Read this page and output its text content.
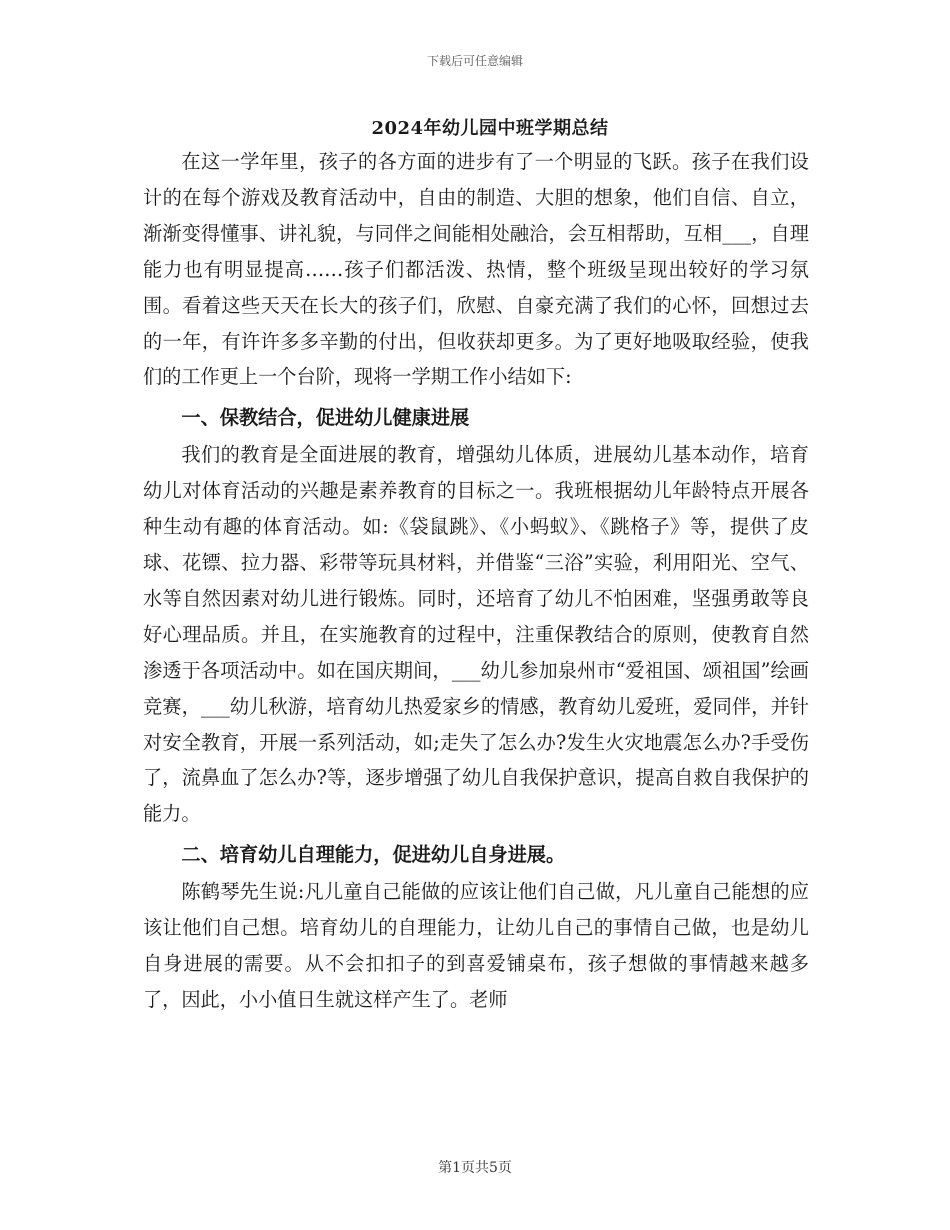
下载后可任意编辑
2024年幼儿园中班学期总结

在这一学年里，孩子的各方面的进步有了一个明显的飞跃。孩子在我们设计的在每个游戏及教育活动中，自由的制造、大胆的想象，他们自信、自立，渐渐变得懂事、讲礼貌，与同伴之间能相处融洽，会互相帮助，互相___，自理能力也有明显提高……孩子们都活泼、热情，整个班级呈现出较好的学习氛围。看着这些天天在长大的孩子们，欣慰、自豪充满了我们的心怀，回想过去的一年，有许许多多辛勤的付出，但收获却更多。为了更好地吸取经验，使我们的工作更上一个台阶，现将一学期工作小结如下:

一、保教结合，促进幼儿健康进展

我们的教育是全面进展的教育，增强幼儿体质，进展幼儿基本动作，培育幼儿对体育活动的兴趣是素养教育的目标之一。我班根据幼儿年龄特点开展各种生动有趣的体育活动。如:《袋鼠跳》、《小蚂蚁》、《跳格子》等，提供了皮球、花镖、拉力器、彩带等玩具材料，并借鉴“三浴”实验，利用阳光、空气、水等自然因素对幼儿进行锻炼。同时，还培育了幼儿不怕困难，坚强勇敢等良好心理品质。并且，在实施教育的过程中，注重保教结合的原则，使教育自然渗透于各项活动中。如在国庆期间，___幼儿参加泉州市“爱祖国、颂祖国”绘画竞赛，___幼儿秋游，培育幼儿热爱家乡的情感，教育幼儿爱班，爱同伴，并针对安全教育，开展一系列活动，如;走失了怎么办?发生火灾地震怎么办?手受伤了，流鼻血了怎么办?等，逐步增强了幼儿自我保护意识，提高自救自我保护的能力。

二、培育幼儿自理能力，促进幼儿自身进展。

陈鹤琴先生说:凡儿童自己能做的应该让他们自己做，凡儿童自己能想的应该让他们自己想。培育幼儿的自理能力，让幼儿自己的事情自己做，也是幼儿自身进展的需要。从不会扣扣子的到喜爱铺桌布，孩子想做的事情越来越多了，因此，小小值日生就这样产生了。老师

第1页共5页
